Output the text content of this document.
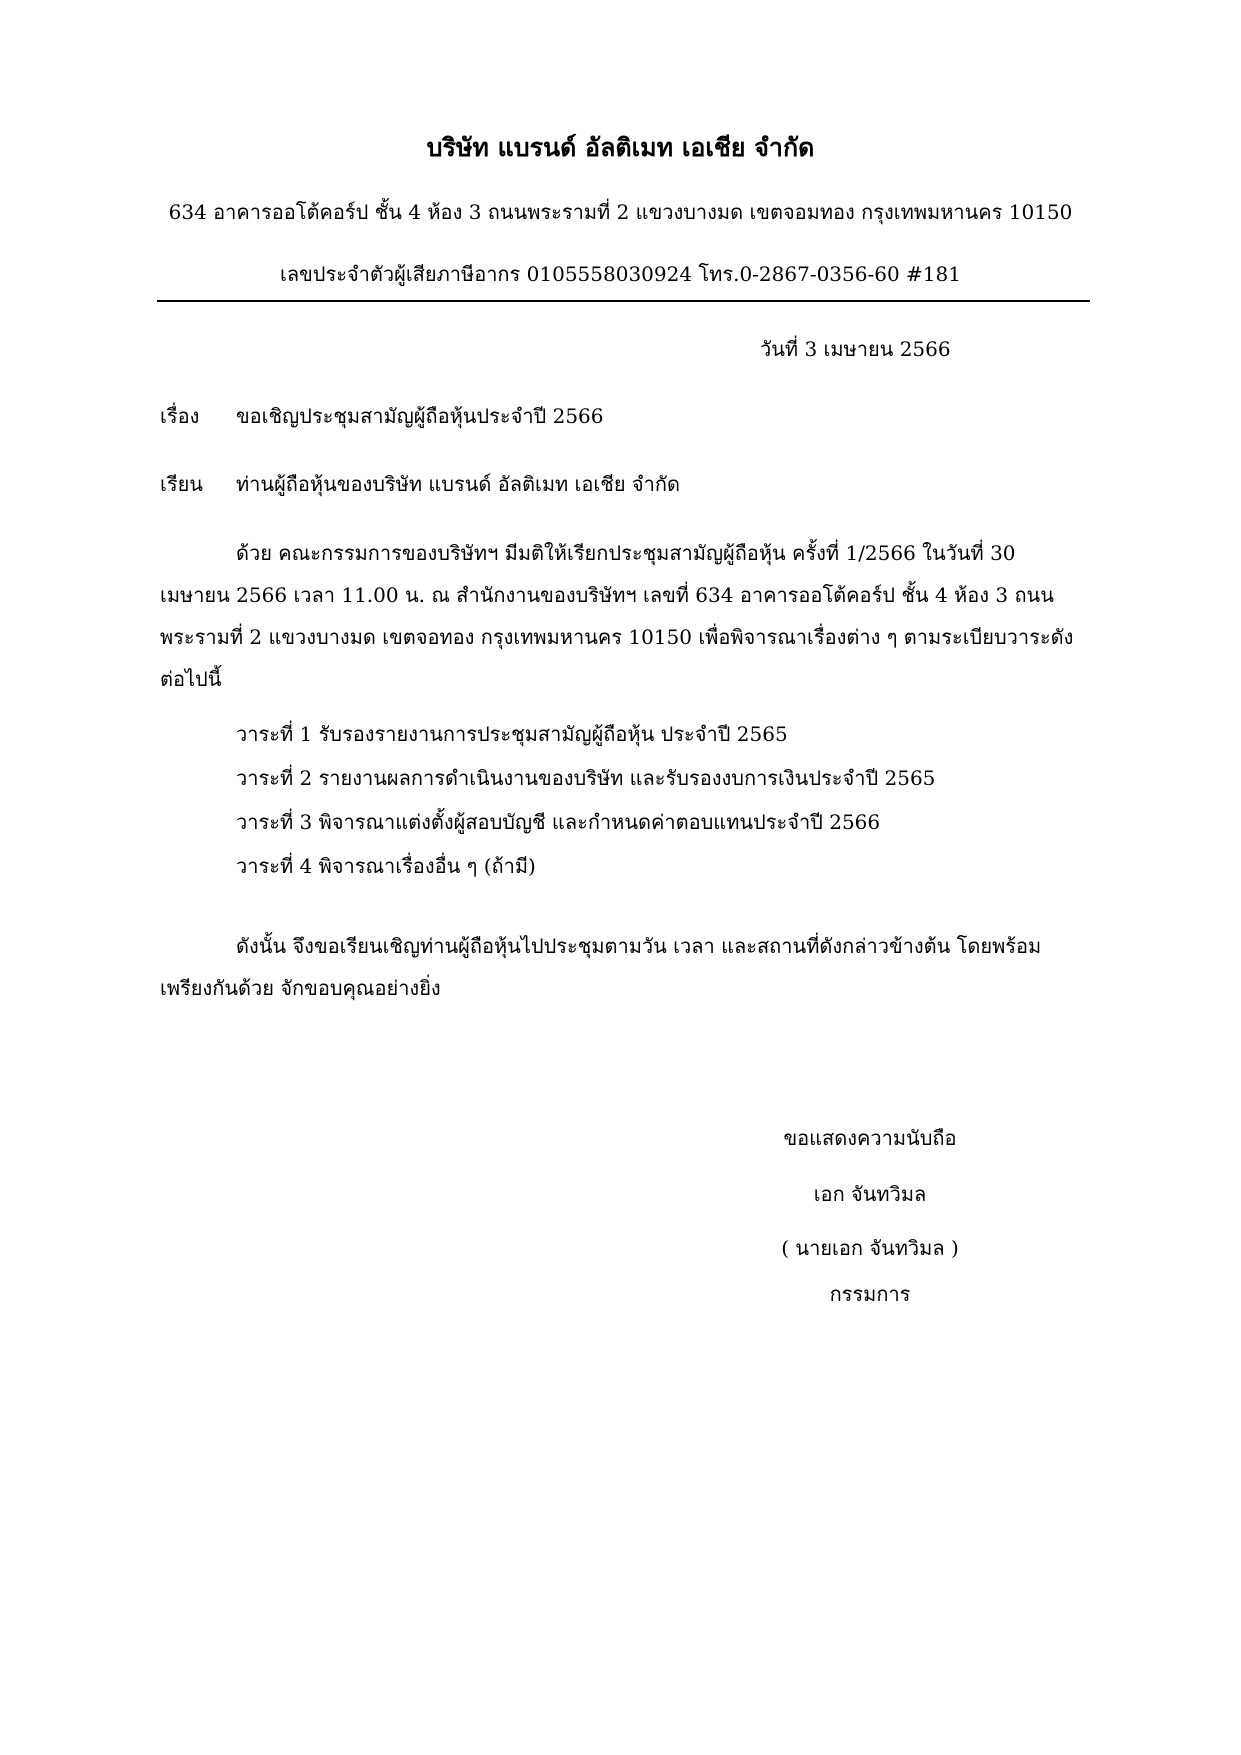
บริษัท แบรนด์ อัลติเมท เอเชีย จำกัด
634 อาคารออโต้คอร์ป ชั้น 4 ห้อง 3 ถนนพระรามที่ 2 แขวงบางมด เขตจอมทอง กรุงเทพมหานคร 10150
เลขประจำตัวผู้เสียภาษีอากร 0105558030924 โทร.0-2867-0356-60 #181
วันที่ 3 เมษายน 2566
เรื่อง ขอเชิญประชุมสามัญผู้ถือหุ้นประจำปี 2566
เรียน ท่านผู้ถือหุ้นของบริษัท แบรนด์ อัลติเมท เอเชีย จำกัด
ด้วย คณะกรรมการของบริษัทฯ มีมติให้เรียกประชุมสามัญผู้ถือหุ้น ครั้งที่ 1/2566 ในวันที่ 30 เมษายน 2566 เวลา 11.00 น. ณ สำนักงานของบริษัทฯ เลขที่ 634 อาคารออโต้คอร์ป ชั้น 4 ห้อง 3 ถนนพระรามที่ 2 แขวงบางมด เขตจอทอง กรุงเทพมหานคร 10150 เพื่อพิจารณาเรื่องต่าง ๆ ตามระเบียบวาระดังต่อไปนี้
วาระที่ 1 รับรองรายงานการประชุมสามัญผู้ถือหุ้น ประจำปี 2565
วาระที่ 2 รายงานผลการดำเนินงานของบริษัท และรับรองงบการเงินประจำปี 2565
วาระที่ 3 พิจารณาแต่งตั้งผู้สอบบัญชี และกำหนดค่าตอบแทนประจำปี 2566
วาระที่ 4 พิจารณาเรื่องอื่น ๆ (ถ้ามี)
ดังนั้น จึงขอเรียนเชิญท่านผู้ถือหุ้นไปประชุมตามวัน เวลา และสถานที่ดังกล่าวข้างต้น โดยพร้อมเพรียงกันด้วย จักขอบคุณอย่างยิ่ง
ขอแสดงความนับถือ
เอก จันทวิมล
( นายเอก จันทวิมล )
กรรมการ
